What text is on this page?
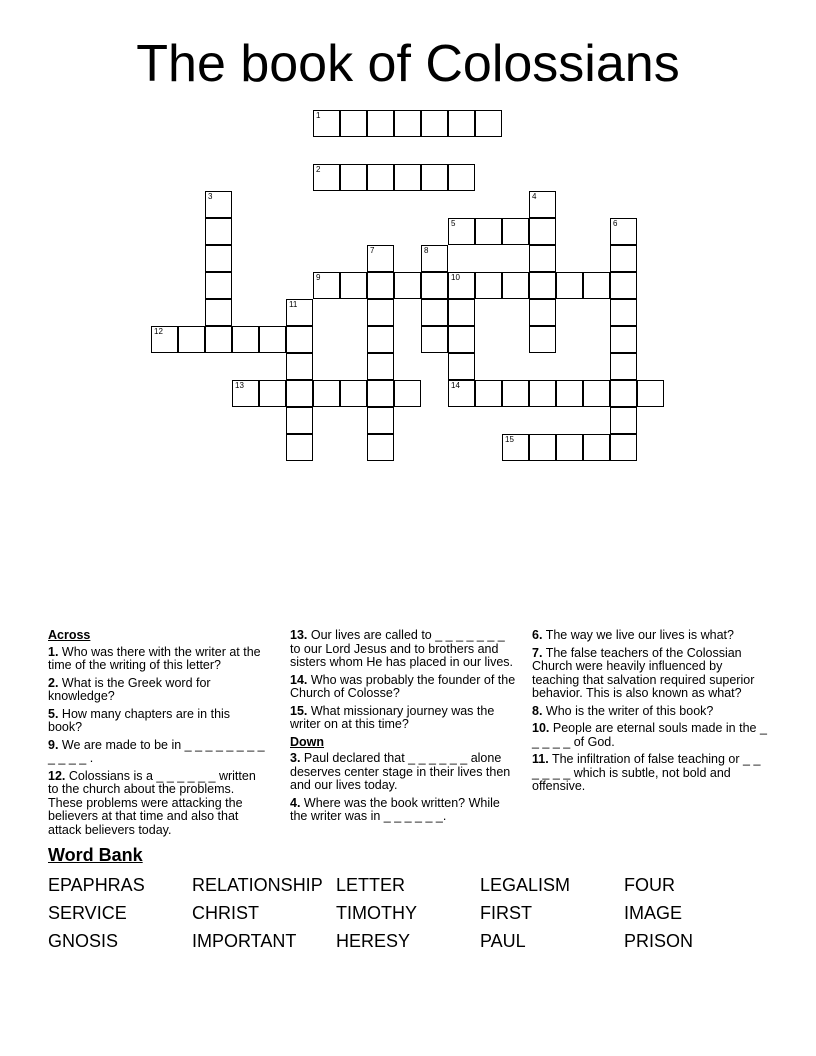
The book of Colossians
1
2
3	4
5	6
7	8
9	10
14
11
12
13
15
Across
1. Who was there with the writer at the time of the writing of this letter?
2. What is the Greek word for knowledge?
5. How many chapters are in this book?
9. We are made to be in _ _ _ _ _ _ _ _ _ _ _ _ .
12. Colossians is a _ _ _ _ _ _ written to the church about the problems. These problems were attacking the believers at that time and also that attack believers today.
13. Our lives are called to _ _ _ _ _ _ _ to our Lord Jesus and to brothers and sisters whom He has placed in our lives.
14. Who was probably the founder of the Church of Colosse?
15. What missionary journey was the writer on at this time?
Down
3. Paul declared that _ _ _ _ _ _ alone deserves center stage in their lives then and our lives today.
4. Where was the book written? While the writer was in _ _ _ _ _ _.
6. The way we live our lives is what?
7. The false teachers of the Colossian Church were heavily influenced by teaching that salvation required superior behavior. This is also known as what?
8. Who is the writer of this book?
10. People are eternal souls made in the _ _ _ _ _ of God.
11. The infiltration of false teaching or _ _ _ _ _ _ which is subtle, not bold and offensive.
Word Bank
EPAPHRAS	RELATIONSHIP LETTER	LEGALISM	FOUR
SERVICE	CHRIST	TIMOTHY	FIRST	IMAGE
GNOSIS	IMPORTANT HERESY	PAUL	PRISON
